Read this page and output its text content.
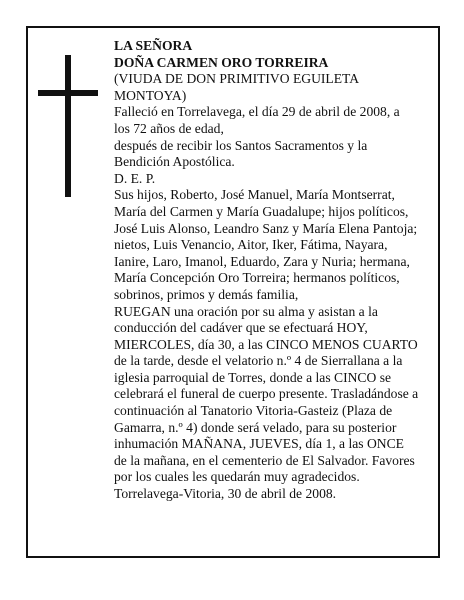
LA SEÑORA
DOÑA CARMEN ORO TORREIRA
(VIUDA DE DON PRIMITIVO EGUILETA
MONTOYA)
Falleció en Torrelavega, el día 29 de abril de 2008, a
los 72 años de edad,
después de recibir los Santos Sacramentos y la
Bendición Apostólica.
D. E. P.
Sus hijos, Roberto, José Manuel, María Montserrat,
María del Carmen y María Guadalupe; hijos políticos,
José Luis Alonso, Leandro Sanz y María Elena Pantoja;
nietos, Luis Venancio, Aitor, Iker, Fátima, Nayara,
Ianire, Laro, Imanol, Eduardo, Zara y Nuria; hermana,
María Concepción Oro Torreira; hermanos políticos,
sobrinos, primos y demás familia,
RUEGAN una oración por su alma y asistan a la
conducción del cadáver que se efectuará HOY,
MIERCOLES, día 30, a las CINCO MENOS CUARTO
de la tarde, desde el velatorio n.º 4 de Sierrallana a la
iglesia parroquial de Torres, donde a las CINCO se
celebrará el funeral de cuerpo presente. Trasladándose a
continuación al Tanatorio Vitoria-Gasteiz (Plaza de
Gamarra, n.º 4) donde será velado, para su posterior
inhumación MAÑANA, JUEVES, día 1, a las ONCE
de la mañana, en el cementerio de El Salvador. Favores
por los cuales les quedarán muy agradecidos.
Torrelavega-Vitoria, 30 de abril de 2008.
